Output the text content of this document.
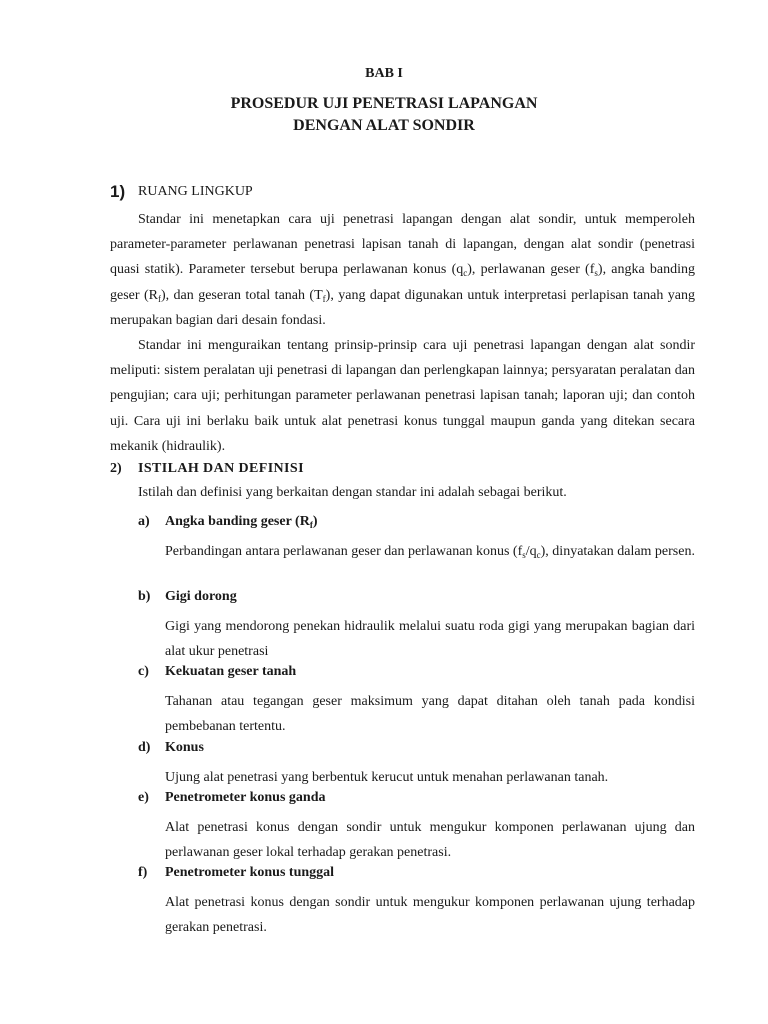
BAB I
PROSEDUR UJI PENETRASI LAPANGAN
DENGAN ALAT SONDIR
1) RUANG LINGKUP

Standar ini menetapkan cara uji penetrasi lapangan dengan alat sondir, untuk memperoleh parameter-parameter perlawanan penetrasi lapisan tanah di lapangan, dengan alat sondir (penetrasi quasi statik). Parameter tersebut berupa perlawanan konus $(q_c)$, perlawanan geser $(f_s)$, angka banding geser $(R_f)$, dan geseran total tanah $(T_f)$, yang dapat digunakan untuk interpretasi perlapisan tanah yang merupakan bagian dari desain fondasi.

Standar ini menguraikan tentang prinsip-prinsip cara uji penetrasi lapangan dengan alat sondir meliputi: sistem peralatan uji penetrasi di lapangan dan perlengkapan lainnya; persyaratan peralatan dan pengujian; cara uji; perhitungan parameter perlawanan penetrasi lapisan tanah; laporan uji; dan contoh uji. Cara uji ini berlaku baik untuk alat penetrasi konus tunggal maupun ganda yang ditekan secara mekanik (hidraulik).

2) ISTILAH DAN DEFINISI
Istilah dan definisi yang berkaitan dengan standar ini adalah sebagai berikut.
a) Angka banding geser $(R_f)$

Perbandingan antara perlawanan geser dan perlawanan konus $(f_s/q_c)$, dinyatakan dalam persen.

b) Gigi dorong

Gigi yang mendorong penekan hidraulik melalui suatu roda gigi yang merupakan bagian dari alat ukur penetrasi

c) Kekuatan geser tanah

Tahanan atau tegangan geser maksimum yang dapat ditahan oleh tanah pada kondisi pembebanan tertentu.

d) Konus

Ujung alat penetrasi yang berbentuk kerucut untuk menahan perlawanan tanah.

e) Penetrometer konus ganda

Alat penetrasi konus dengan sondir untuk mengukur komponen perlawanan ujung dan perlawanan geser lokal terhadap gerakan penetrasi.

f) Penetrometer konus tunggal

Alat penetrasi konus dengan sondir untuk mengukur komponen perlawanan ujung terhadap gerakan penetrasi.
